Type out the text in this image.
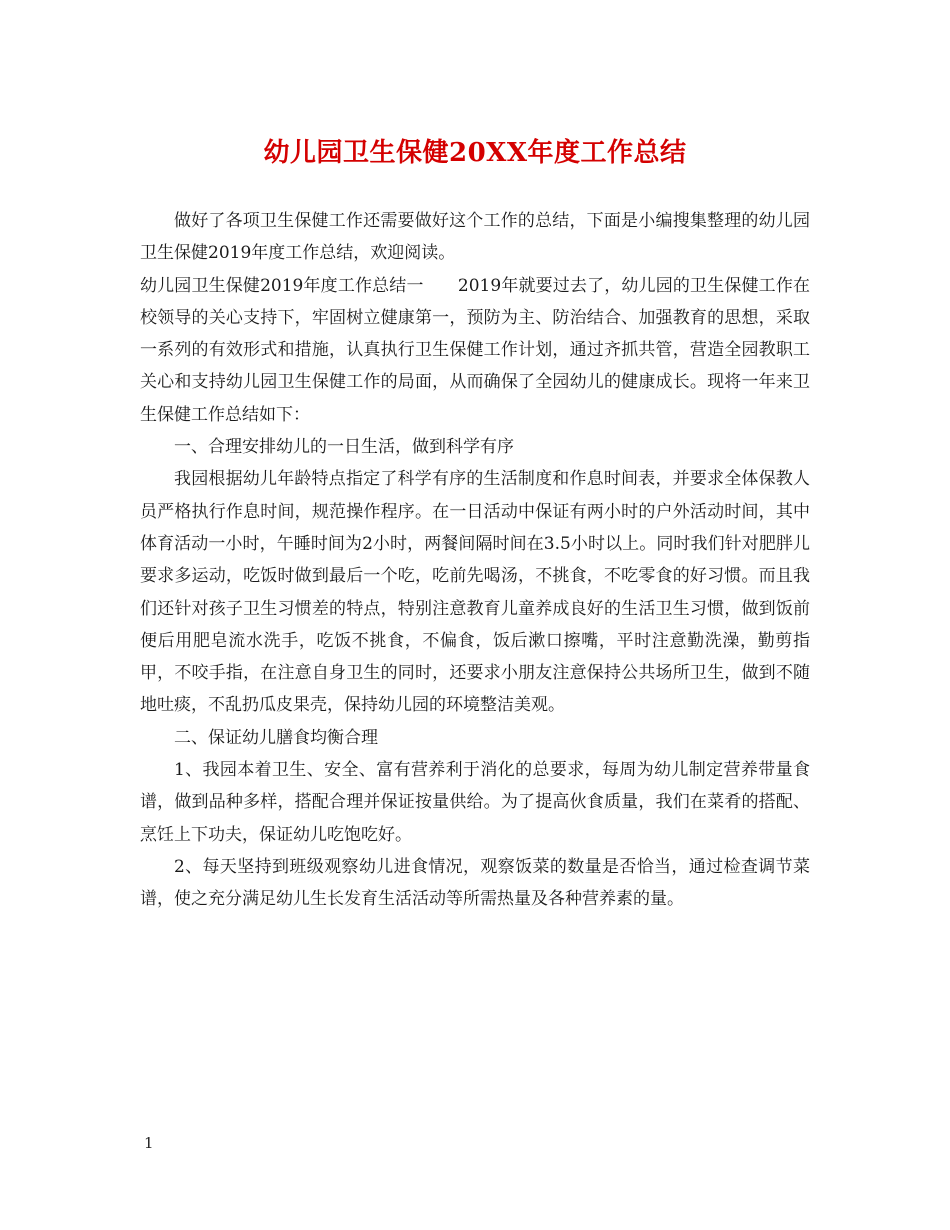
幼儿园卫生保健20XX年度工作总结

做好了各项卫生保健工作还需要做好这个工作的总结，下面是小编搜集整理的幼儿园卫生保健2019年度工作总结，欢迎阅读。

幼儿园卫生保健2019年度工作总结一　　2019年就要过去了，幼儿园的卫生保健工作在校领导的关心支持下，牢固树立健康第一，预防为主、防治结合、加强教育的思想，采取一系列的有效形式和措施，认真执行卫生保健工作计划，通过齐抓共管，营造全园教职工关心和支持幼儿园卫生保健工作的局面，从而确保了全园幼儿的健康成长。现将一年来卫生保健工作总结如下：

一、合理安排幼儿的一日生活，做到科学有序

我园根据幼儿年龄特点指定了科学有序的生活制度和作息时间表，并要求全体保教人员严格执行作息时间，规范操作程序。在一日活动中保证有两小时的户外活动时间，其中体育活动一小时，午睡时间为2小时，两餐间隔时间在3.5小时以上。同时我们针对肥胖儿要求多运动，吃饭时做到最后一个吃，吃前先喝汤，不挑食，不吃零食的好习惯。而且我们还针对孩子卫生习惯差的特点，特别注意教育儿童养成良好的生活卫生习惯，做到饭前便后用肥皂流水洗手，吃饭不挑食，不偏食，饭后漱口擦嘴，平时注意勤洗澡，勤剪指甲，不咬手指，在注意自身卫生的同时，还要求小朋友注意保持公共场所卫生，做到不随地吐痰，不乱扔瓜皮果壳，保持幼儿园的环境整洁美观。

二、保证幼儿膳食均衡合理

1、我园本着卫生、安全、富有营养利于消化的总要求，每周为幼儿制定营养带量食谱，做到品种多样，搭配合理并保证按量供给。为了提高伙食质量，我们在菜肴的搭配、烹饪上下功夫，保证幼儿吃饱吃好。

2、每天坚持到班级观察幼儿进食情况，观察饭菜的数量是否恰当，通过检查调节菜谱，使之充分满足幼儿生长发育生活活动等所需热量及各种营养素的量。

1
